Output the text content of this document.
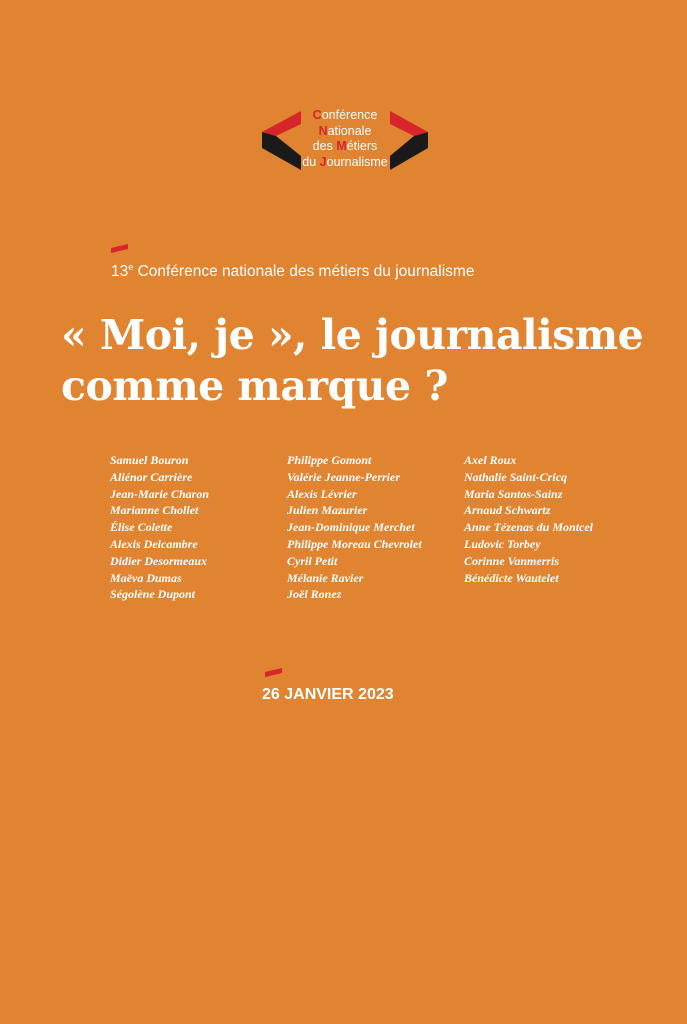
Conférence
Nationale
des Métiers
du Journalisme
13e Conférence nationale des métiers du journalisme
« Moi, je », le journalisme
comme marque ?
Samuel Bouron
Aliénor Carrière
Jean-Marie Charon
Marianne Chollet
Élise Colette
Alexis Delcambre
Didier Desormeaux
Maëva Dumas
Ségolène Dupont
Philippe Gomont
Valérie Jeanne-Perrier
Alexis Lévrier
Julien Mazurier
Jean-Dominique Merchet
Philippe Moreau Chevrolet
Cyril Petit
Mélanie Ravier
Joël Ronez
Axel Roux
Nathalie Saint-Cricq
Maria Santos-Sainz
Arnaud Schwartz
Anne Tézenas du Montcel
Ludovic Torbey
Corinne Vanmerris
Bénédicte Wautelet
26 JANVIER 2023
